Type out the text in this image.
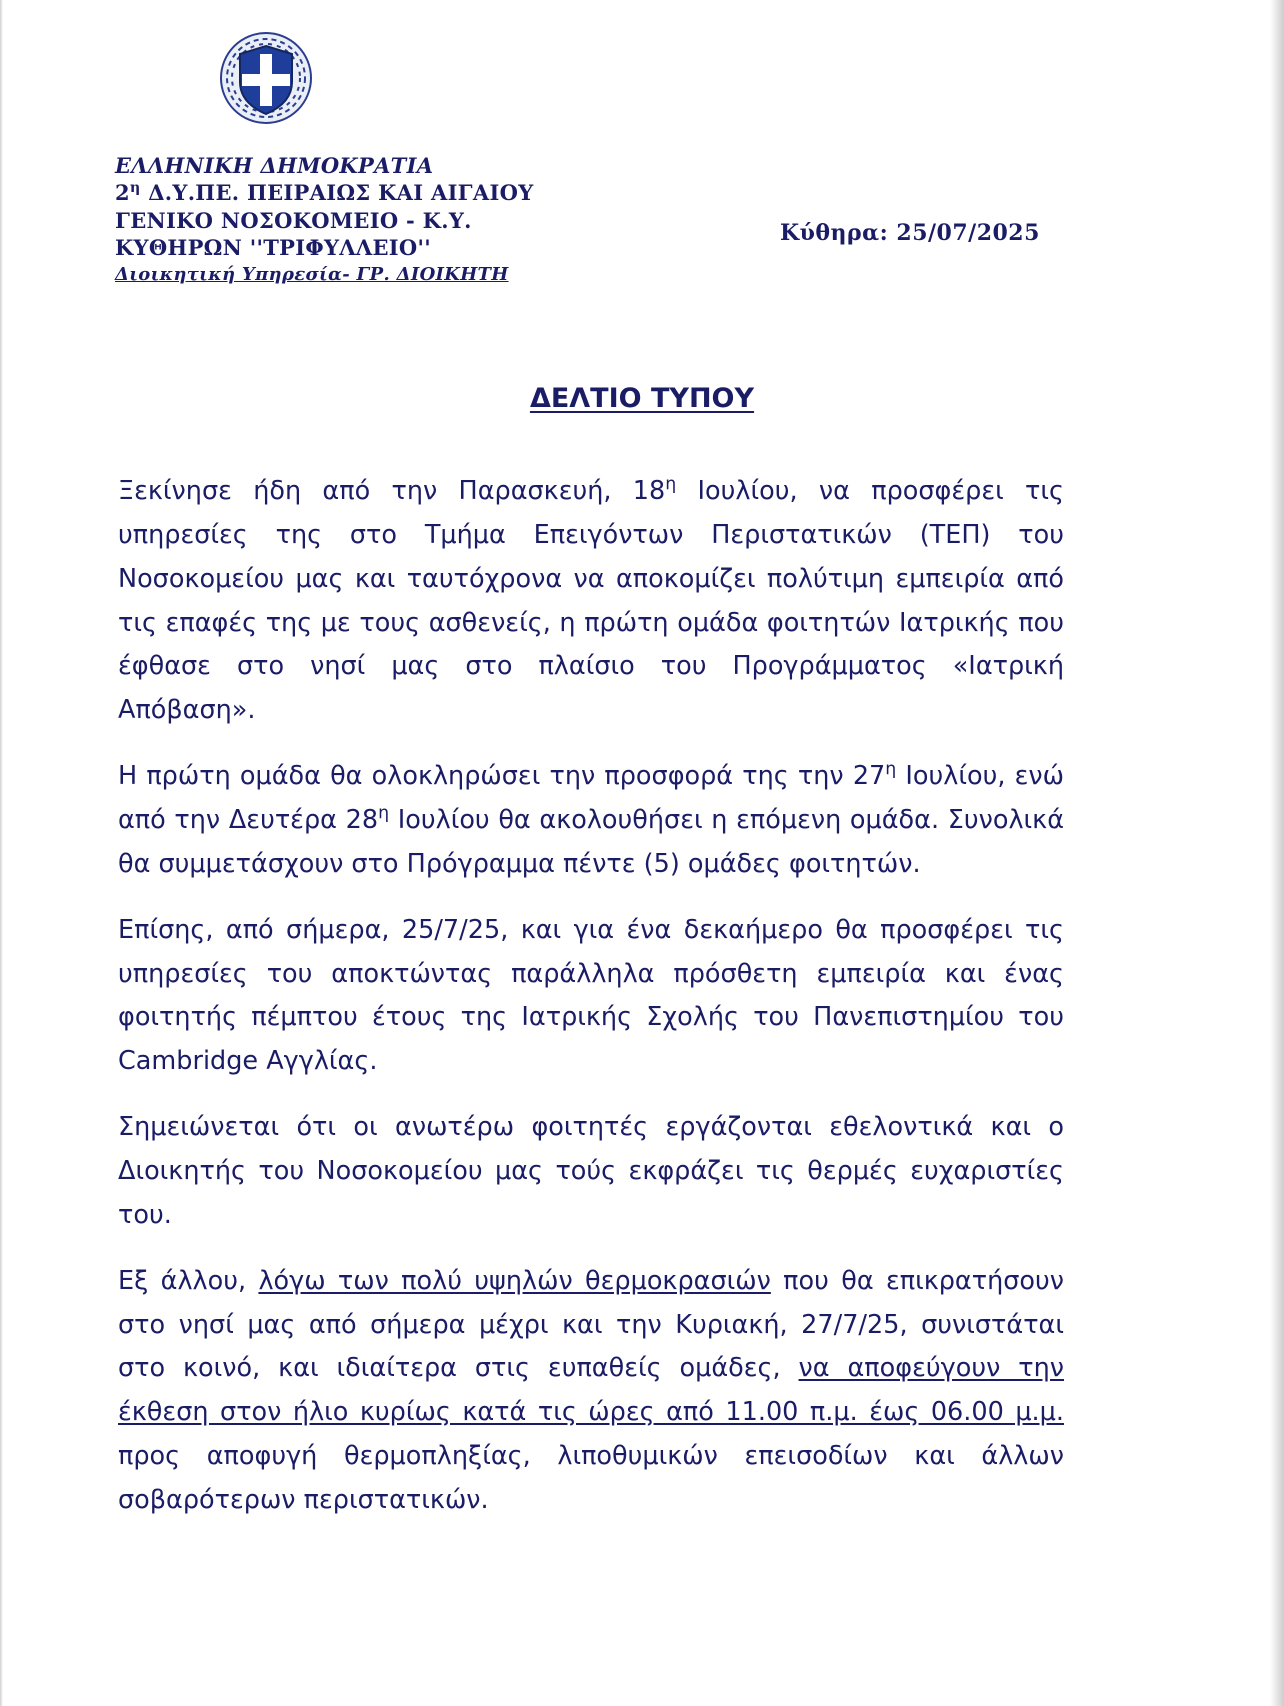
ΕΛΛΗΝΙΚΗ ΔΗΜΟΚΡΑΤΙΑ
$2^\eta$ Δ.Υ.ΠΕ. ΠΕΙΡΑΙΩΣ ΚΑΙ ΑΙΓΑΙΟΥ
ΓΕΝΙΚΟ ΝΟΣΟΚΟΜΕΙΟ - Κ.Υ.
ΚΥΘΗΡΩΝ ''ΤΡΙΦΥΛΛΕΙΟ''
Διοικητική Υπηρεσία- ΓΡ. ΔΙΟΙΚΗΤΗ
Κύθηρα: 25/07/2025
ΔΕΛΤΙΟ ΤΥΠΟΥ

Ξεκίνησε ήδη από την Παρασκευή, $18^\eta$ Ιουλίου, να προσφέρει τις υπηρεσίες της στο Τμήμα Επειγόντων Περιστατικών (ΤΕΠ) του Νοσοκομείου μας και ταυτόχρονα να αποκομίζει πολύτιμη εμπειρία από τις επαφές της με τους ασθενείς, η πρώτη ομάδα φοιτητών Ιατρικής που έφθασε στο νησί μας στο πλαίσιο του Προγράμματος «Ιατρική Απόβαση».

Η πρώτη ομάδα θα ολοκληρώσει την προσφορά της την $27^\eta$ Ιουλίου, ενώ από την Δευτέρα $28^\eta$ Ιουλίου θα ακολουθήσει η επόμενη ομάδα. Συνολικά θα συμμετάσχουν στο Πρόγραμμα πέντε (5) ομάδες φοιτητών.

Επίσης, από σήμερα, 25/7/25, και για ένα δεκαήμερο θα προσφέρει τις υπηρεσίες του αποκτώντας παράλληλα πρόσθετη εμπειρία και ένας φοιτητής πέμπτου έτους της Ιατρικής Σχολής του Πανεπιστημίου του Cambridge Αγγλίας.

Σημειώνεται ότι οι ανωτέρω φοιτητές εργάζονται εθελοντικά και ο Διοικητής του Νοσοκομείου μας τούς εκφράζει τις θερμές ευχαριστίες του.

Εξ άλλου, λόγω των πολύ υψηλών θερμοκρασιών που θα επικρατήσουν στο νησί μας από σήμερα μέχρι και την Κυριακή, 27/7/25, συνιστάται στο κοινό, και ιδιαίτερα στις ευπαθείς ομάδες, να αποφεύγουν την έκθεση στον ήλιο κυρίως κατά τις ώρες από 11.00 π.μ. έως 06.00 μ.μ. προς αποφυγή θερμοπληξίας, λιποθυμικών επεισοδίων και άλλων σοβαρότερων περιστατικών.
